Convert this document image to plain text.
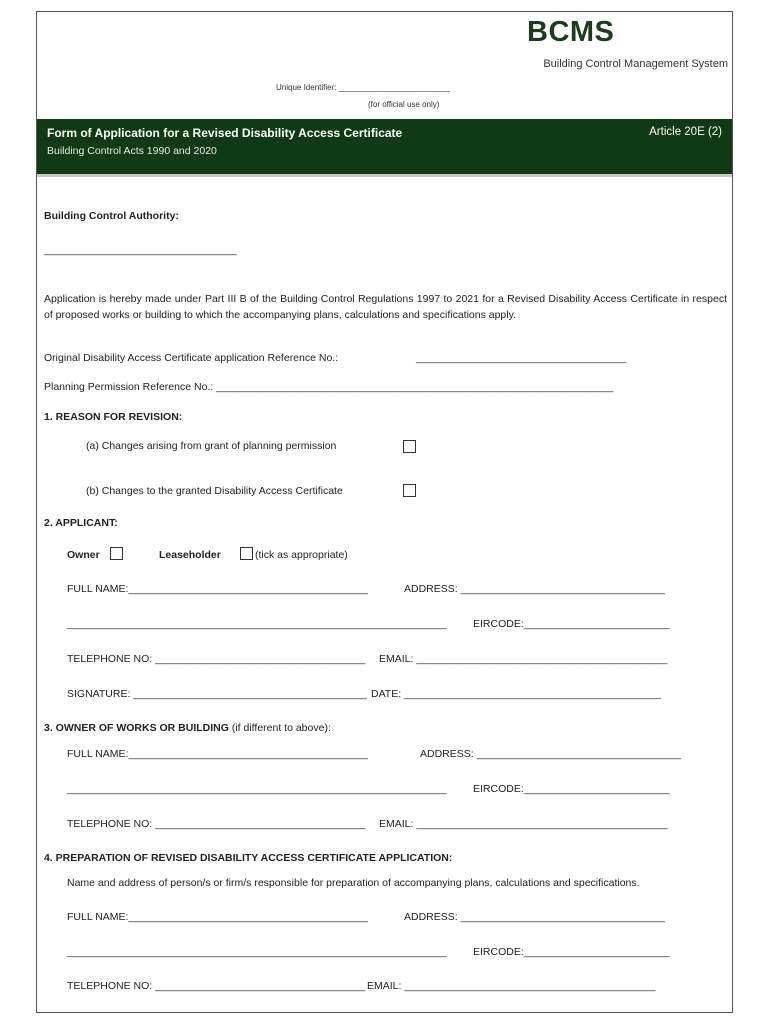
BCMS
Building Control Management System
Unique Identifier: _________________________
(for official use only)
Form of Application for a Revised Disability Access Certificate
Building Control Acts 1990 and 2020
Article 20E (2)
Building Control Authority:
_________________________________
Application is hereby made under Part III B of the Building Control Regulations 1997 to 2021 for a Revised Disability Access Certificate in respect of proposed works or building to which the accompanying plans, calculations and specifications apply.
Original Disability Access Certificate application Reference No.:	____________________________________
Planning Permission Reference No.: ____________________________________________________________________
1. REASON FOR REVISION:
(a) Changes arising from grant of planning permission
(b) Changes to the granted Disability Access Certificate
2. APPLICANT:
Owner	Leaseholder	(tick as appropriate)
FULL NAME:_________________________________________	ADDRESS: ___________________________________
_________________________________________________________________	EIRCODE:_________________________
TELEPHONE NO: ____________________________________ EMAIL: ___________________________________________
SIGNATURE: ________________________________________ DATE: ____________________________________________
3. OWNER OF WORKS OR BUILDING (if different to above):
FULL NAME:_________________________________________	ADDRESS: ___________________________________
_________________________________________________________________	EIRCODE:_________________________
TELEPHONE NO: ____________________________________ EMAIL: ___________________________________________
4. PREPARATION OF REVISED DISABILITY ACCESS CERTIFICATE APPLICATION:
Name and address of person/s or firm/s responsible for preparation of accompanying plans, calculations and specifications.
FULL NAME:_________________________________________	ADDRESS: ___________________________________
_________________________________________________________________	EIRCODE:_________________________
TELEPHONE NO: ____________________________________ EMAIL: ___________________________________________
